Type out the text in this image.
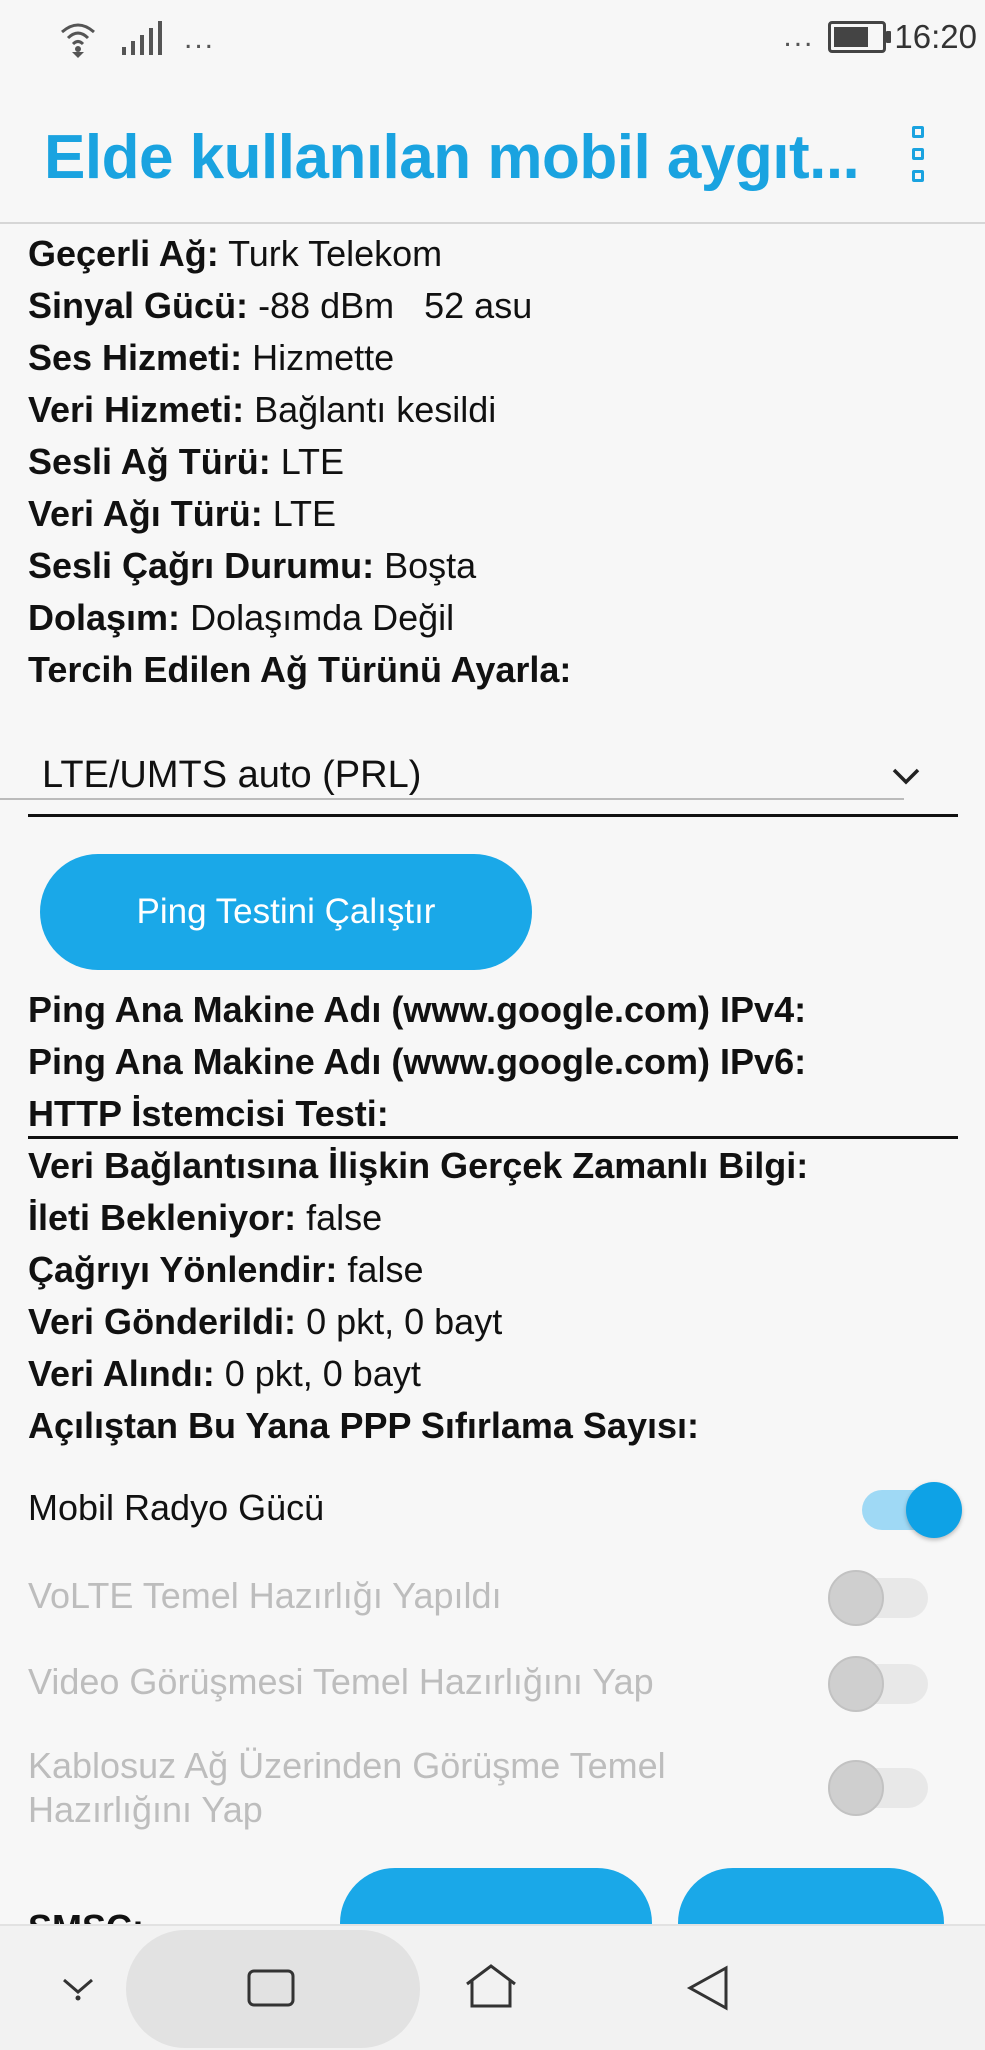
...	... 16:20
Elde kullanılan mobil aygıt...
Geçerli Ağ: Turk Telekom
Sinyal Gücü: -88 dBm   52 asu
Ses Hizmeti: Hizmette
Veri Hizmeti: Bağlantı kesildi
Sesli Ağ Türü: LTE
Veri Ağı Türü: LTE
Sesli Çağrı Durumu: Boşta
Dolaşım: Dolaşımda Değil
Tercih Edilen Ağ Türünü Ayarla:
LTE/UMTS auto (PRL)
Ping Testini Çalıştır
Ping Ana Makine Adı (www.google.com) IPv4:
Ping Ana Makine Adı (www.google.com) IPv6:
HTTP İstemcisi Testi:
Veri Bağlantısına İlişkin Gerçek Zamanlı Bilgi:
İleti Bekleniyor: false
Çağrıyı Yönlendir: false
Veri Gönderildi: 0 pkt, 0 bayt
Veri Alındı: 0 pkt, 0 bayt
Açılıştan Bu Yana PPP Sıfırlama Sayısı:
Mobil Radyo Gücü
VoLTE Temel Hazırlığı Yapıldı
Video Görüşmesi Temel Hazırlığını Yap
Kablosuz Ağ Üzerinden Görüşme Temel Hazırlığını Yap
